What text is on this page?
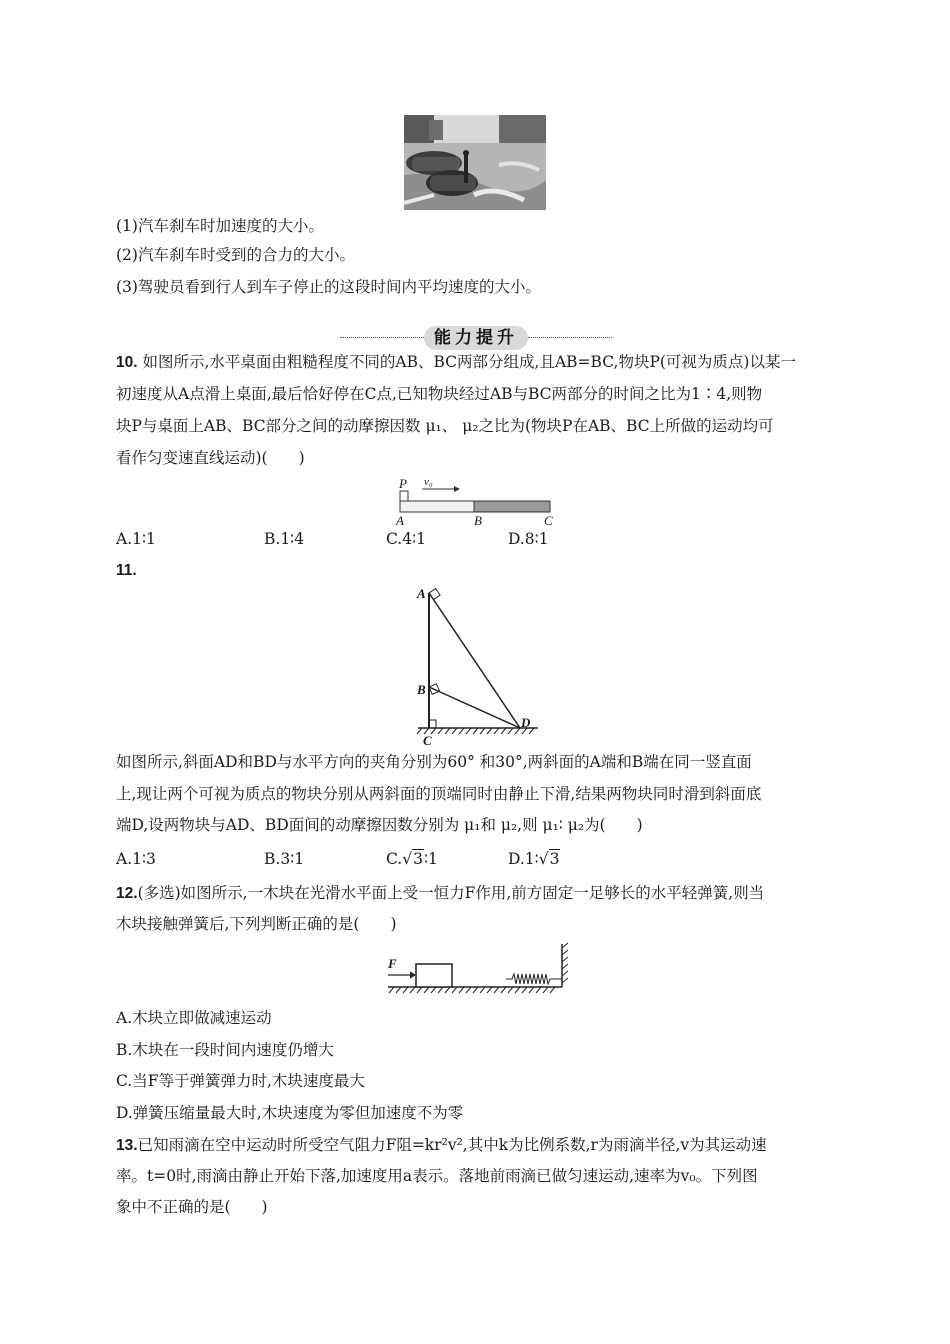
(1)汽车刹车时加速度的大小。
(2)汽车刹车时受到的合力的大小。
(3)驾驶员看到行人到车子停止的这段时间内平均速度的大小。
能力提升
10. 如图所示,水平桌面由粗糙程度不同的AB、BC两部分组成,且AB=BC,物块P(可视为质点)以某一
初速度从A点滑上桌面,最后恰好停在C点,已知物块经过AB与BC两部分的时间之比为1∶4,则物
块P与桌面上AB、BC部分之间的动摩擦因数 μ₁、 μ₂之比为(物块P在AB、BC上所做的运动均可
看作匀变速直线运动)(　　)
P v₀
A	B	C
A.1∶1	B.1∶4	C.4∶1	D.8∶1
11.
A
B
C
D
如图所示,斜面AD和BD与水平方向的夹角分别为60° 和30°,两斜面的A端和B端在同一竖直面
上,现让两个可视为质点的物块分别从两斜面的顶端同时由静止下滑,结果两物块同时滑到斜面底
端D,设两物块与AD、BD面间的动摩擦因数分别为 μ₁和 μ₂,则 μ₁∶ μ₂为(　　)
A.1∶3	B.3∶1	C.√3∶1	D.1∶√3
12.(多选)如图所示,一木块在光滑水平面上受一恒力F作用,前方固定一足够长的水平轻弹簧,则当
木块接触弹簧后,下列判断正确的是(　　)
F
A.木块立即做减速运动
B.木块在一段时间内速度仍增大
C.当F等于弹簧弹力时,木块速度最大
D.弹簧压缩量最大时,木块速度为零但加速度不为零
13.已知雨滴在空中运动时所受空气阻力F阻=kr²v²,其中k为比例系数,r为雨滴半径,v为其运动速
率。t=0时,雨滴由静止开始下落,加速度用a表示。落地前雨滴已做匀速运动,速率为v₀。下列图
象中不正确的是(　　)
